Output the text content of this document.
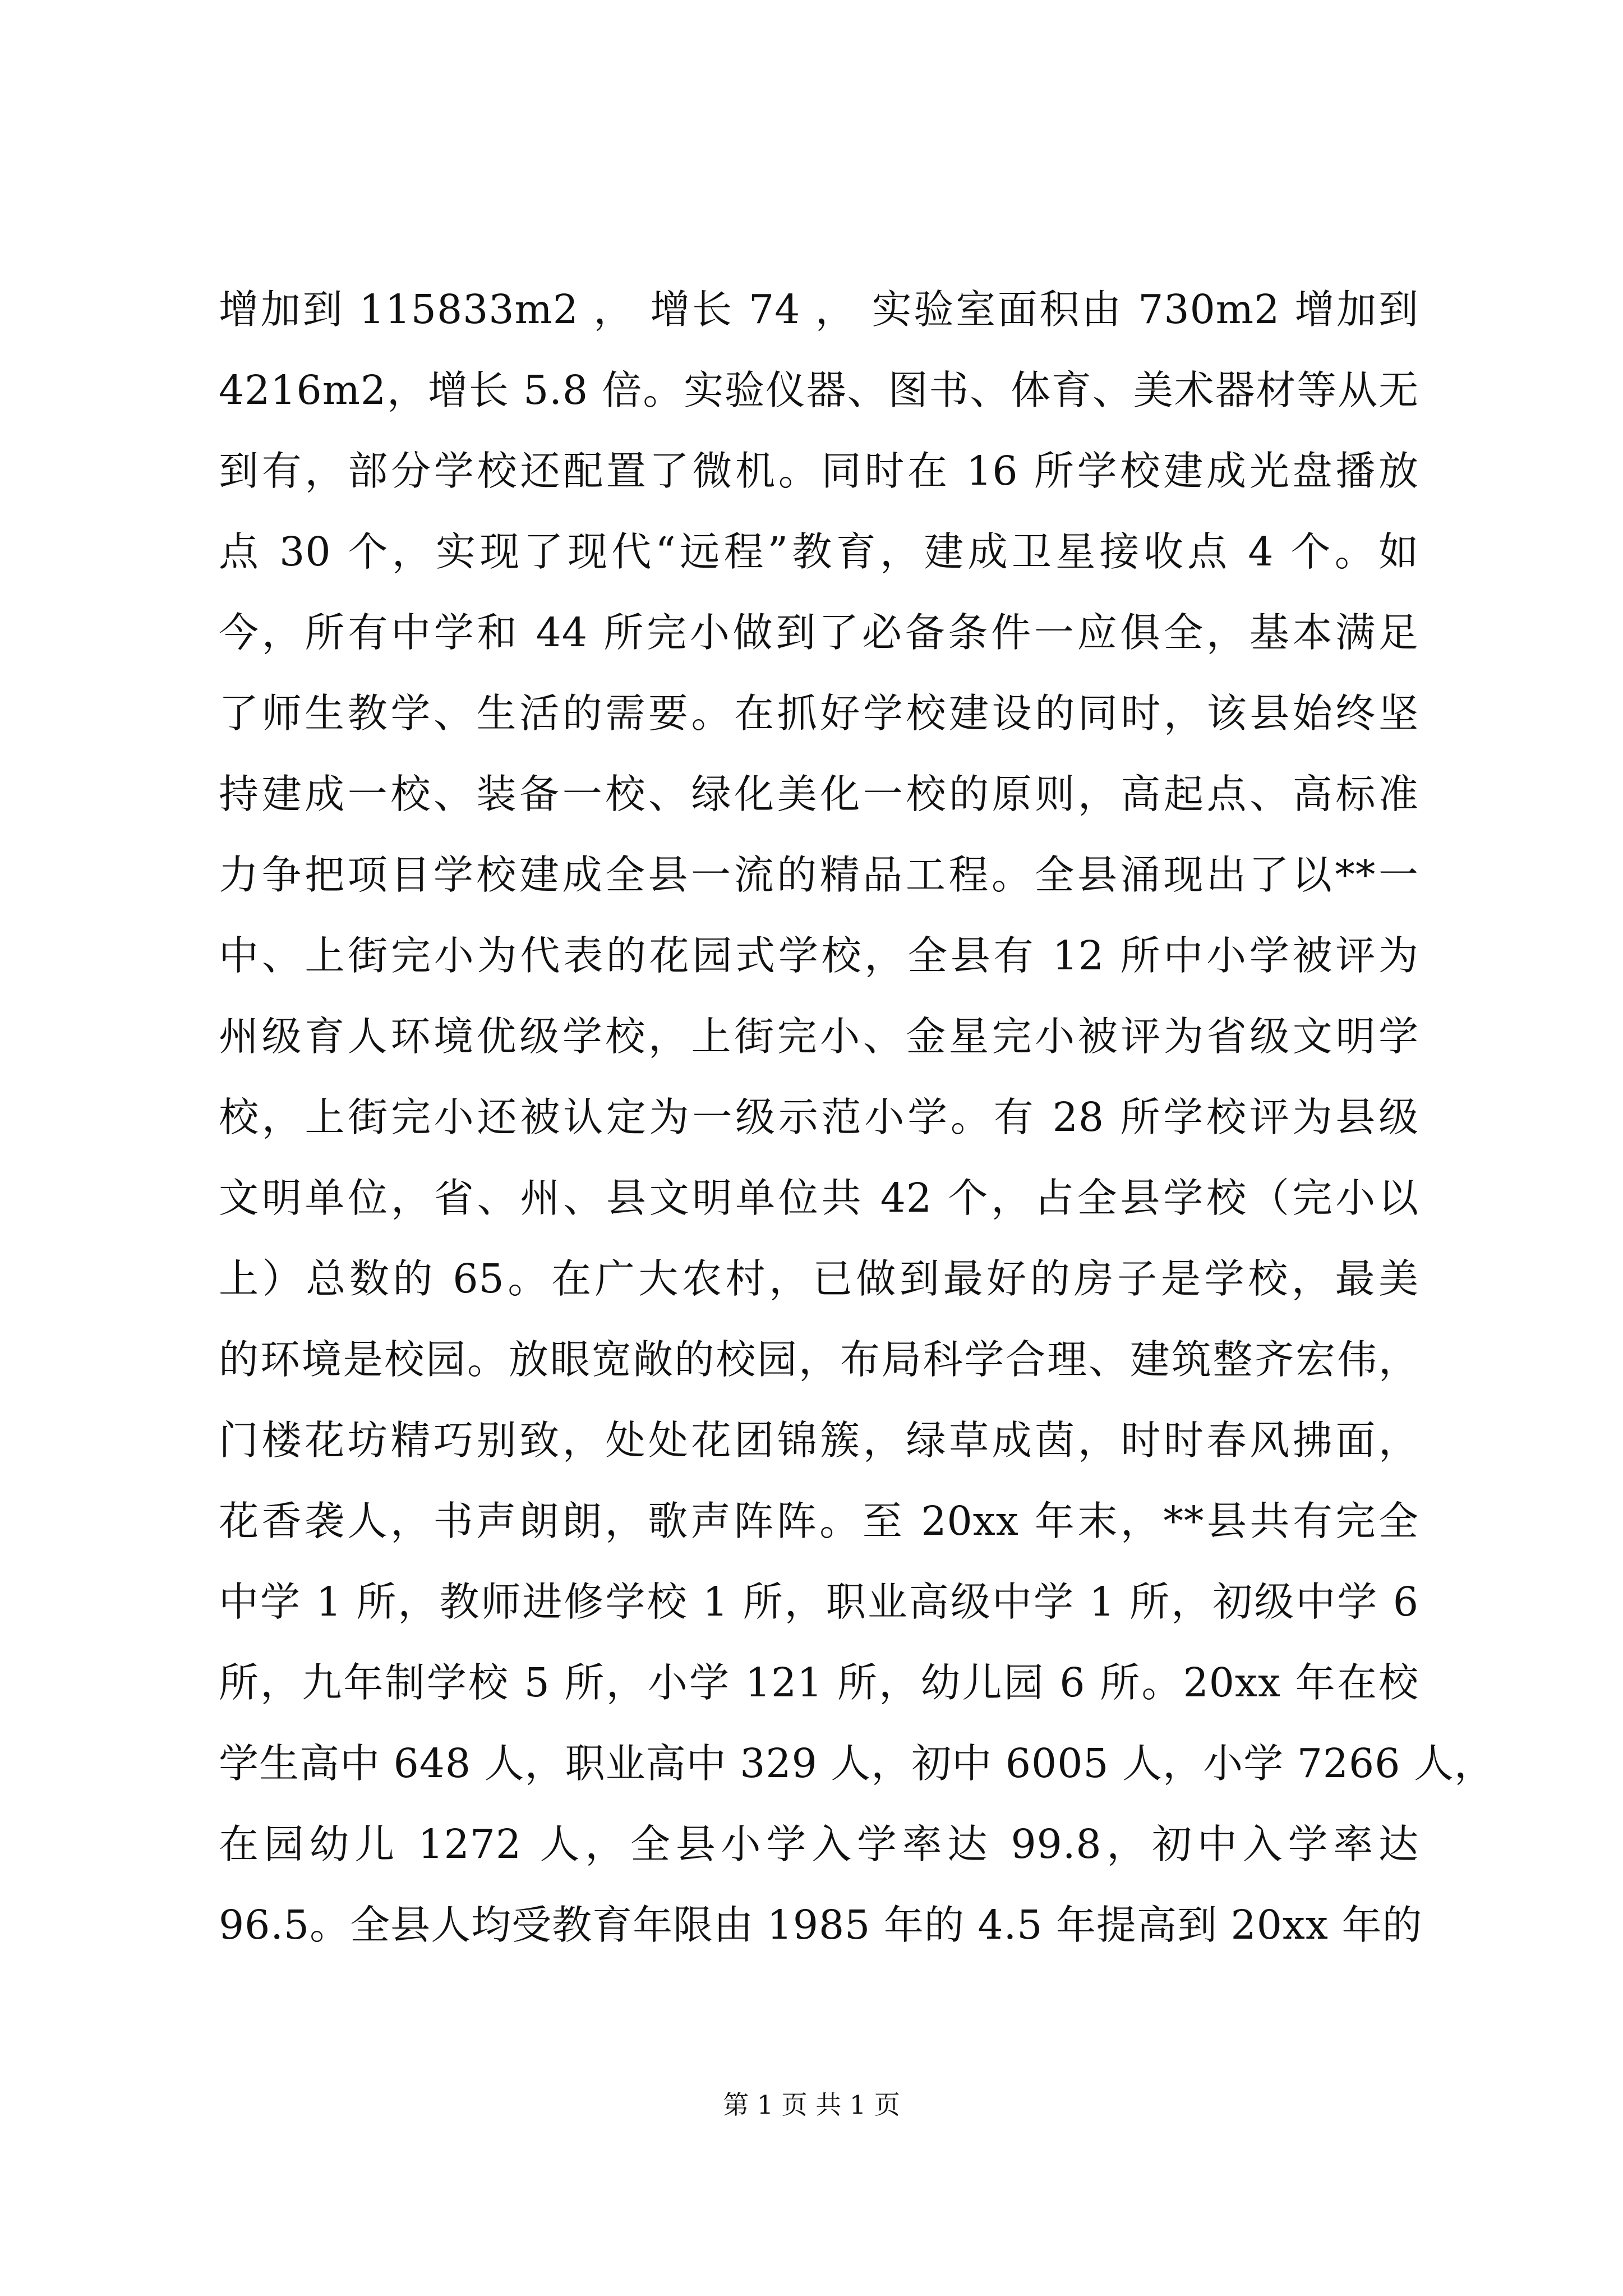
增加到 115833m2 ， 增长 74 ， 实验室面积由 730m2 增加到
4216m2，增长 5.8 倍。实验仪器、图书、体育、美术器材等从无
到有，部分学校还配置了微机。同时在 16 所学校建成光盘播放
点 30 个，实现了现代“远程”教育，建成卫星接收点 4 个。如
今，所有中学和 44 所完小做到了必备条件一应俱全，基本满足
了师生教学、生活的需要。在抓好学校建设的同时，该县始终坚
持建成一校、装备一校、绿化美化一校的原则，高起点、高标准
力争把项目学校建成全县一流的精品工程。全县涌现出了以**一
中、上街完小为代表的花园式学校，全县有 12 所中小学被评为
州级育人环境优级学校，上街完小、金星完小被评为省级文明学
校，上街完小还被认定为一级示范小学。有 28 所学校评为县级
文明单位，省、州、县文明单位共 42 个，占全县学校（完小以
上）总数的 65。在广大农村，已做到最好的房子是学校，最美
的环境是校园。放眼宽敞的校园，布局科学合理、建筑整齐宏伟，
门楼花坊精巧别致，处处花团锦簇，绿草成茵，时时春风拂面，
花香袭人，书声朗朗，歌声阵阵。至 20xx 年末，**县共有完全
中学 1 所，教师进修学校 1 所，职业高级中学 1 所，初级中学 6
所，九年制学校 5 所，小学 121 所，幼儿园 6 所。20xx 年在校
学生高中 648 人，职业高中 329 人，初中 6005 人，小学 7266 人，
在园幼儿 1272 人，全县小学入学率达 99.8，初中入学率达
96.5。全县人均受教育年限由 1985 年的 4.5 年提高到 20xx 年的
第 1 页 共 1 页
